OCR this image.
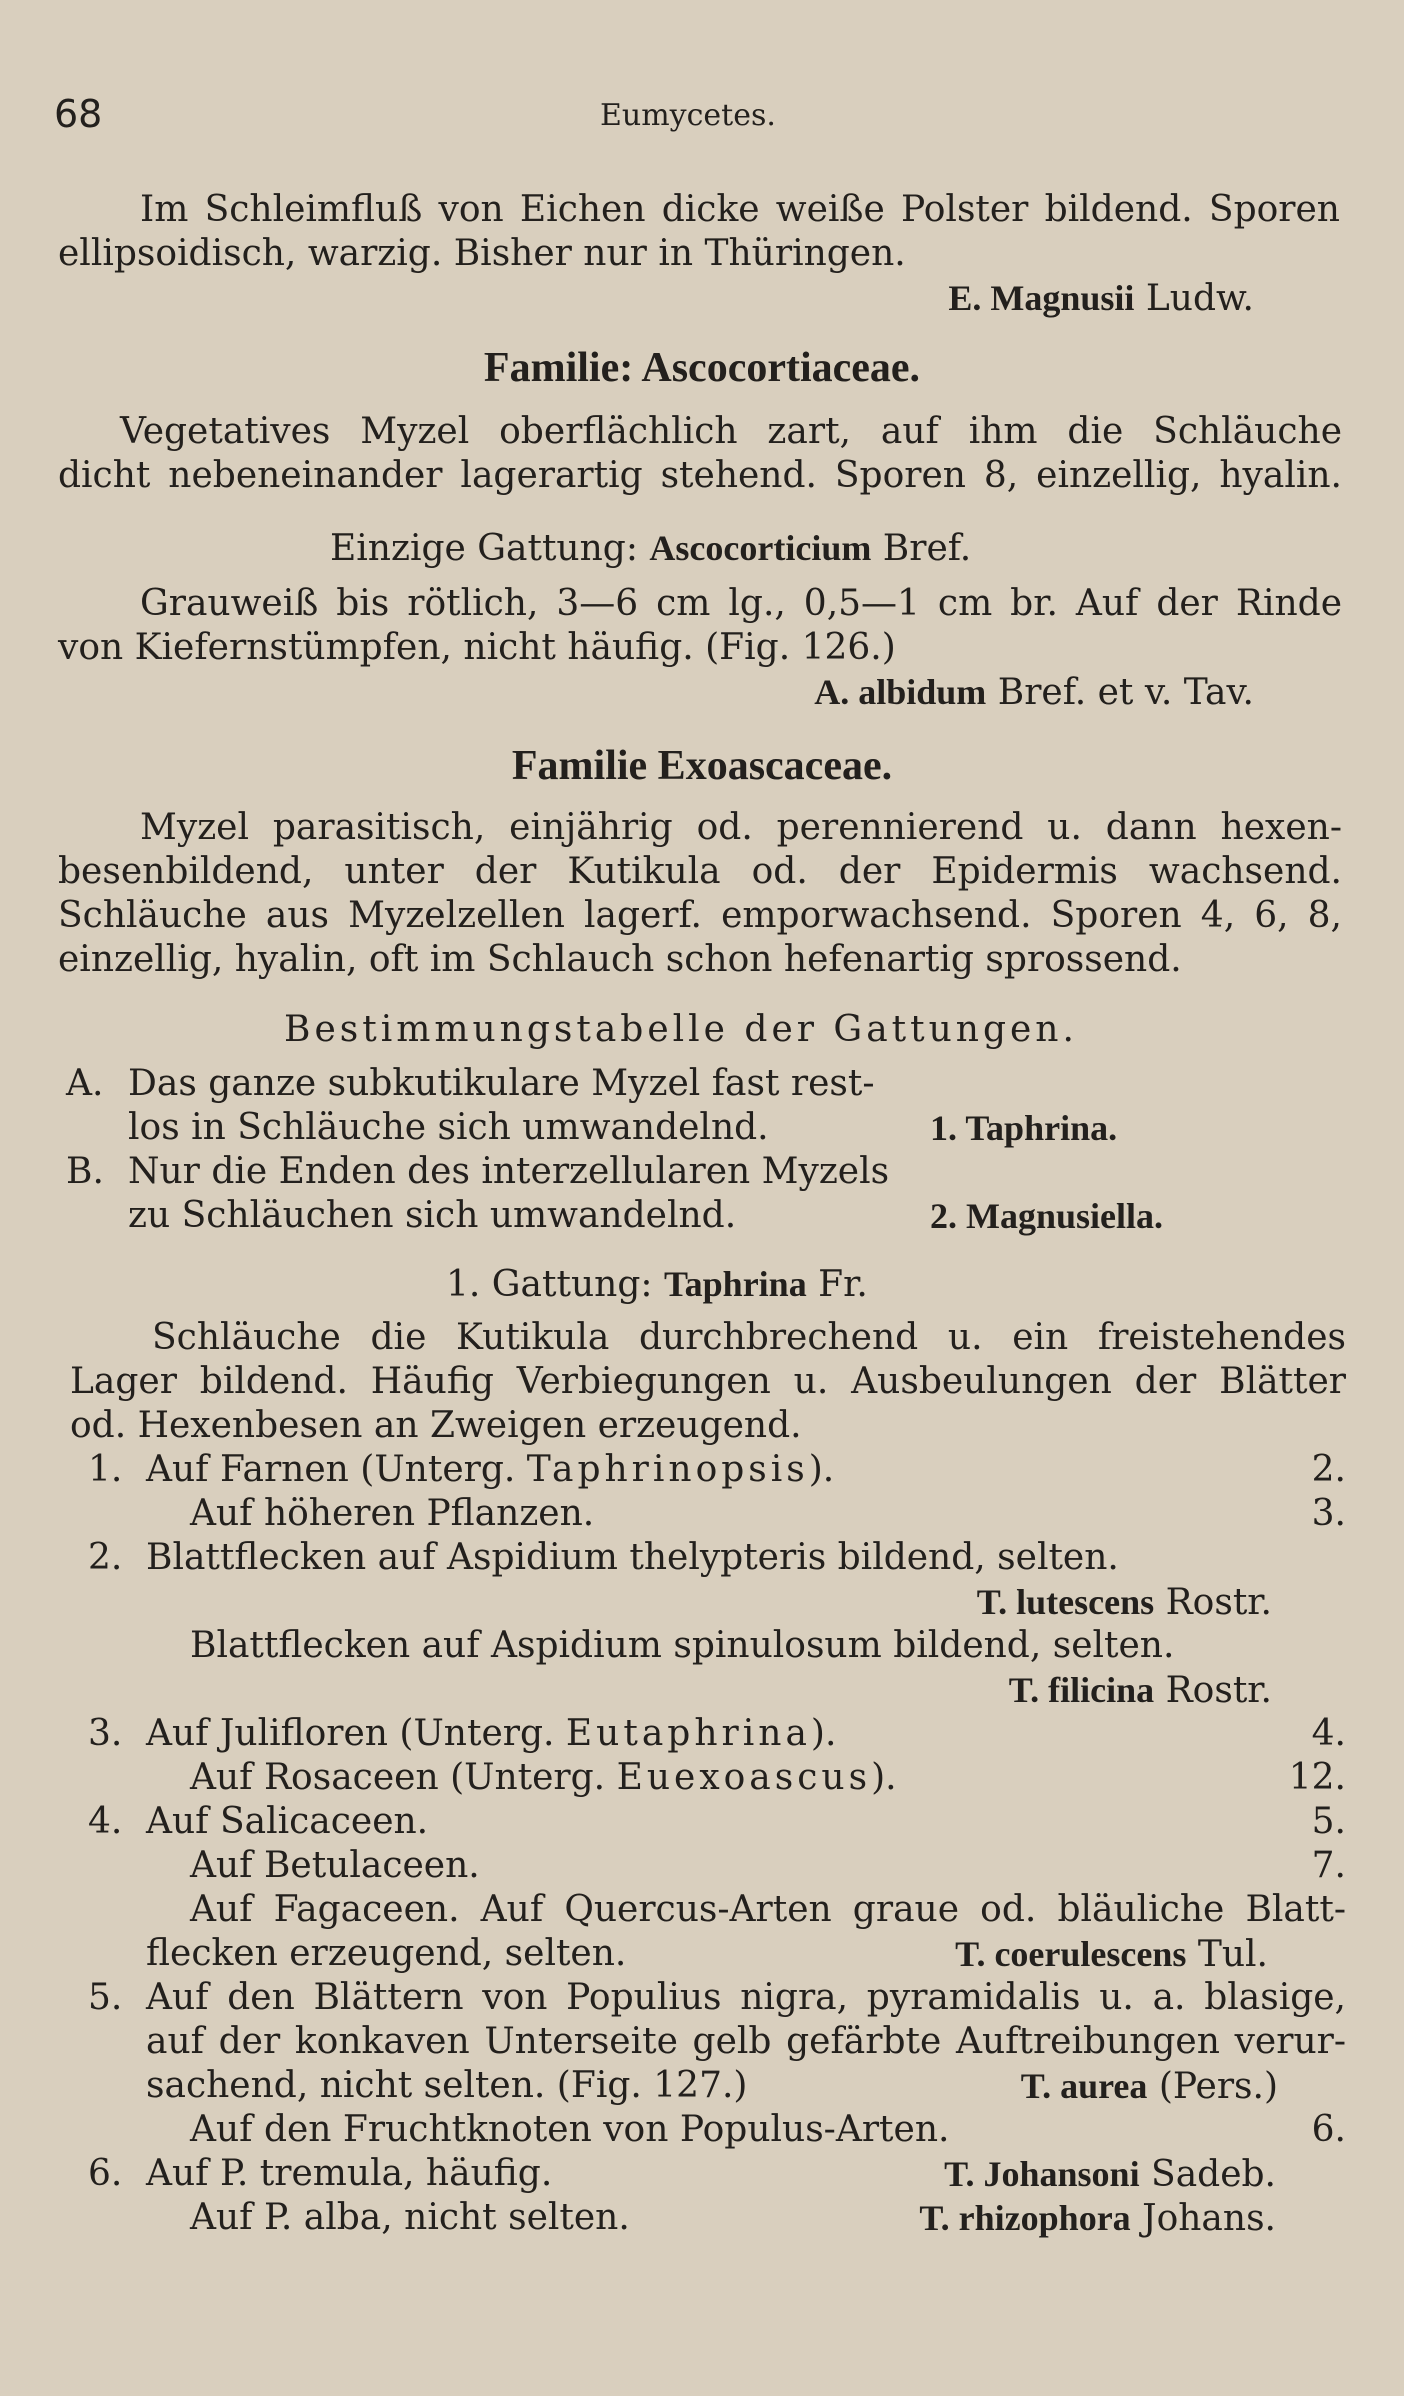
68	Eumycetes.
Im Schleimfluß von Eichen dicke weiße Polster bildend. Sporen
ellipsoidisch, warzig. Bisher nur in Thüringen.
E. Magnusii Ludw.
Familie: Ascocortiaceae.
Vegetatives Myzel oberflächlich zart, auf ihm die Schläuche
dicht nebeneinander lagerartig stehend. Sporen 8, einzellig, hyalin.
Einzige Gattung: Ascocorticium Bref.
Grauweiß bis rötlich, 3—6 cm lg., 0,5—1 cm br. Auf der Rinde
von Kiefernstümpfen, nicht häufig. (Fig. 126.)
A. albidum Bref. et v. Tav.
Familie Exoascaceae.
Myzel parasitisch, einjährig od. perennierend u. dann hexen-
besenbildend, unter der Kutikula od. der Epidermis wachsend.
Schläuche aus Myzelzellen lagerf. emporwachsend. Sporen 4, 6, 8,
einzellig, hyalin, oft im Schlauch schon hefenartig sprossend.
Bestimmungstabelle der Gattungen.
A. Das ganze subkutikulare Myzel fast rest-
los in Schläuche sich umwandelnd.	1. Taphrina.
B. Nur die Enden des interzellularen Myzels
zu Schläuchen sich umwandelnd.	2. Magnusiella.
1. Gattung: Taphrina Fr.
Schläuche die Kutikula durchbrechend u. ein freistehendes
Lager bildend. Häufig Verbiegungen u. Ausbeulungen der Blätter
od. Hexenbesen an Zweigen erzeugend.
1. Auf Farnen (Unterg. Taphrinopsis).	2.
Auf höheren Pflanzen.	3.
2. Blattflecken auf Aspidium thelypteris bildend, selten.
T. lutescens Rostr.
Blattflecken auf Aspidium spinulosum bildend, selten.
T. filicina Rostr.
3. Auf Julifloren (Unterg. Eutaphrina).	4.
Auf Rosaceen (Unterg. Euexoascus).	12.
4. Auf Salicaceen.	5.
Auf Betulaceen.	7.
Auf Fagaceen. Auf Quercus-Arten graue od. bläuliche Blatt-
flecken erzeugend, selten.	T. coerulescens Tul.
5. Auf den Blättern von Populius nigra, pyramidalis u. a. blasige,
auf der konkaven Unterseite gelb gefärbte Auftreibungen verur-
sachend, nicht selten. (Fig. 127.)	T. aurea (Pers.)
Auf den Fruchtknoten von Populus-Arten.	6.
6. Auf P. tremula, häufig.	T. Johansoni Sadeb.
Auf P. alba, nicht selten.	T. rhizophora Johans.
